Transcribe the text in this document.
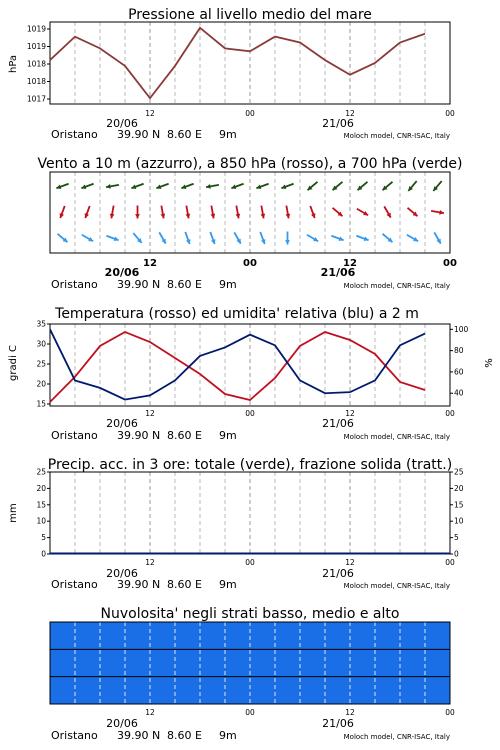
Pressione al livello medio del mare
hPa
1017
1018
1018
1019
1019
12	00	12	00
20/06	21/06
Oristano 39.90 N 8.60 E 9m	Moloch model, CNR-ISAC, Italy
Vento a 10 m (azzurro), a 850 hPa (rosso), a 700 hPa (verde)
12	00	12	00
20/06	21/06
Oristano 39.90 N 8.60 E 9m	Moloch model, CNR-ISAC, Italy
Temperatura (rosso) ed umidita' relativa (blu) a 2 m
gradi C	%
15
20
25
30
35
40
60
80
100
12	00	12	00
20/06	21/06
Oristano 39.90 N 8.60 E 9m	Moloch model, CNR-ISAC, Italy
Precip. acc. in 3 ore: totale (verde), frazione solida (tratt.)
mm
0	0
5	5
10	10
15	15
20	20
25	25
12	00	12	00
20/06	21/06
Oristano 39.90 N 8.60 E 9m	Moloch model, CNR-ISAC, Italy
Nuvolosita' negli strati basso, medio e alto
12	00	12	00
20/06	21/06
Oristano 39.90 N 8.60 E 9m	Moloch model, CNR-ISAC, Italy
